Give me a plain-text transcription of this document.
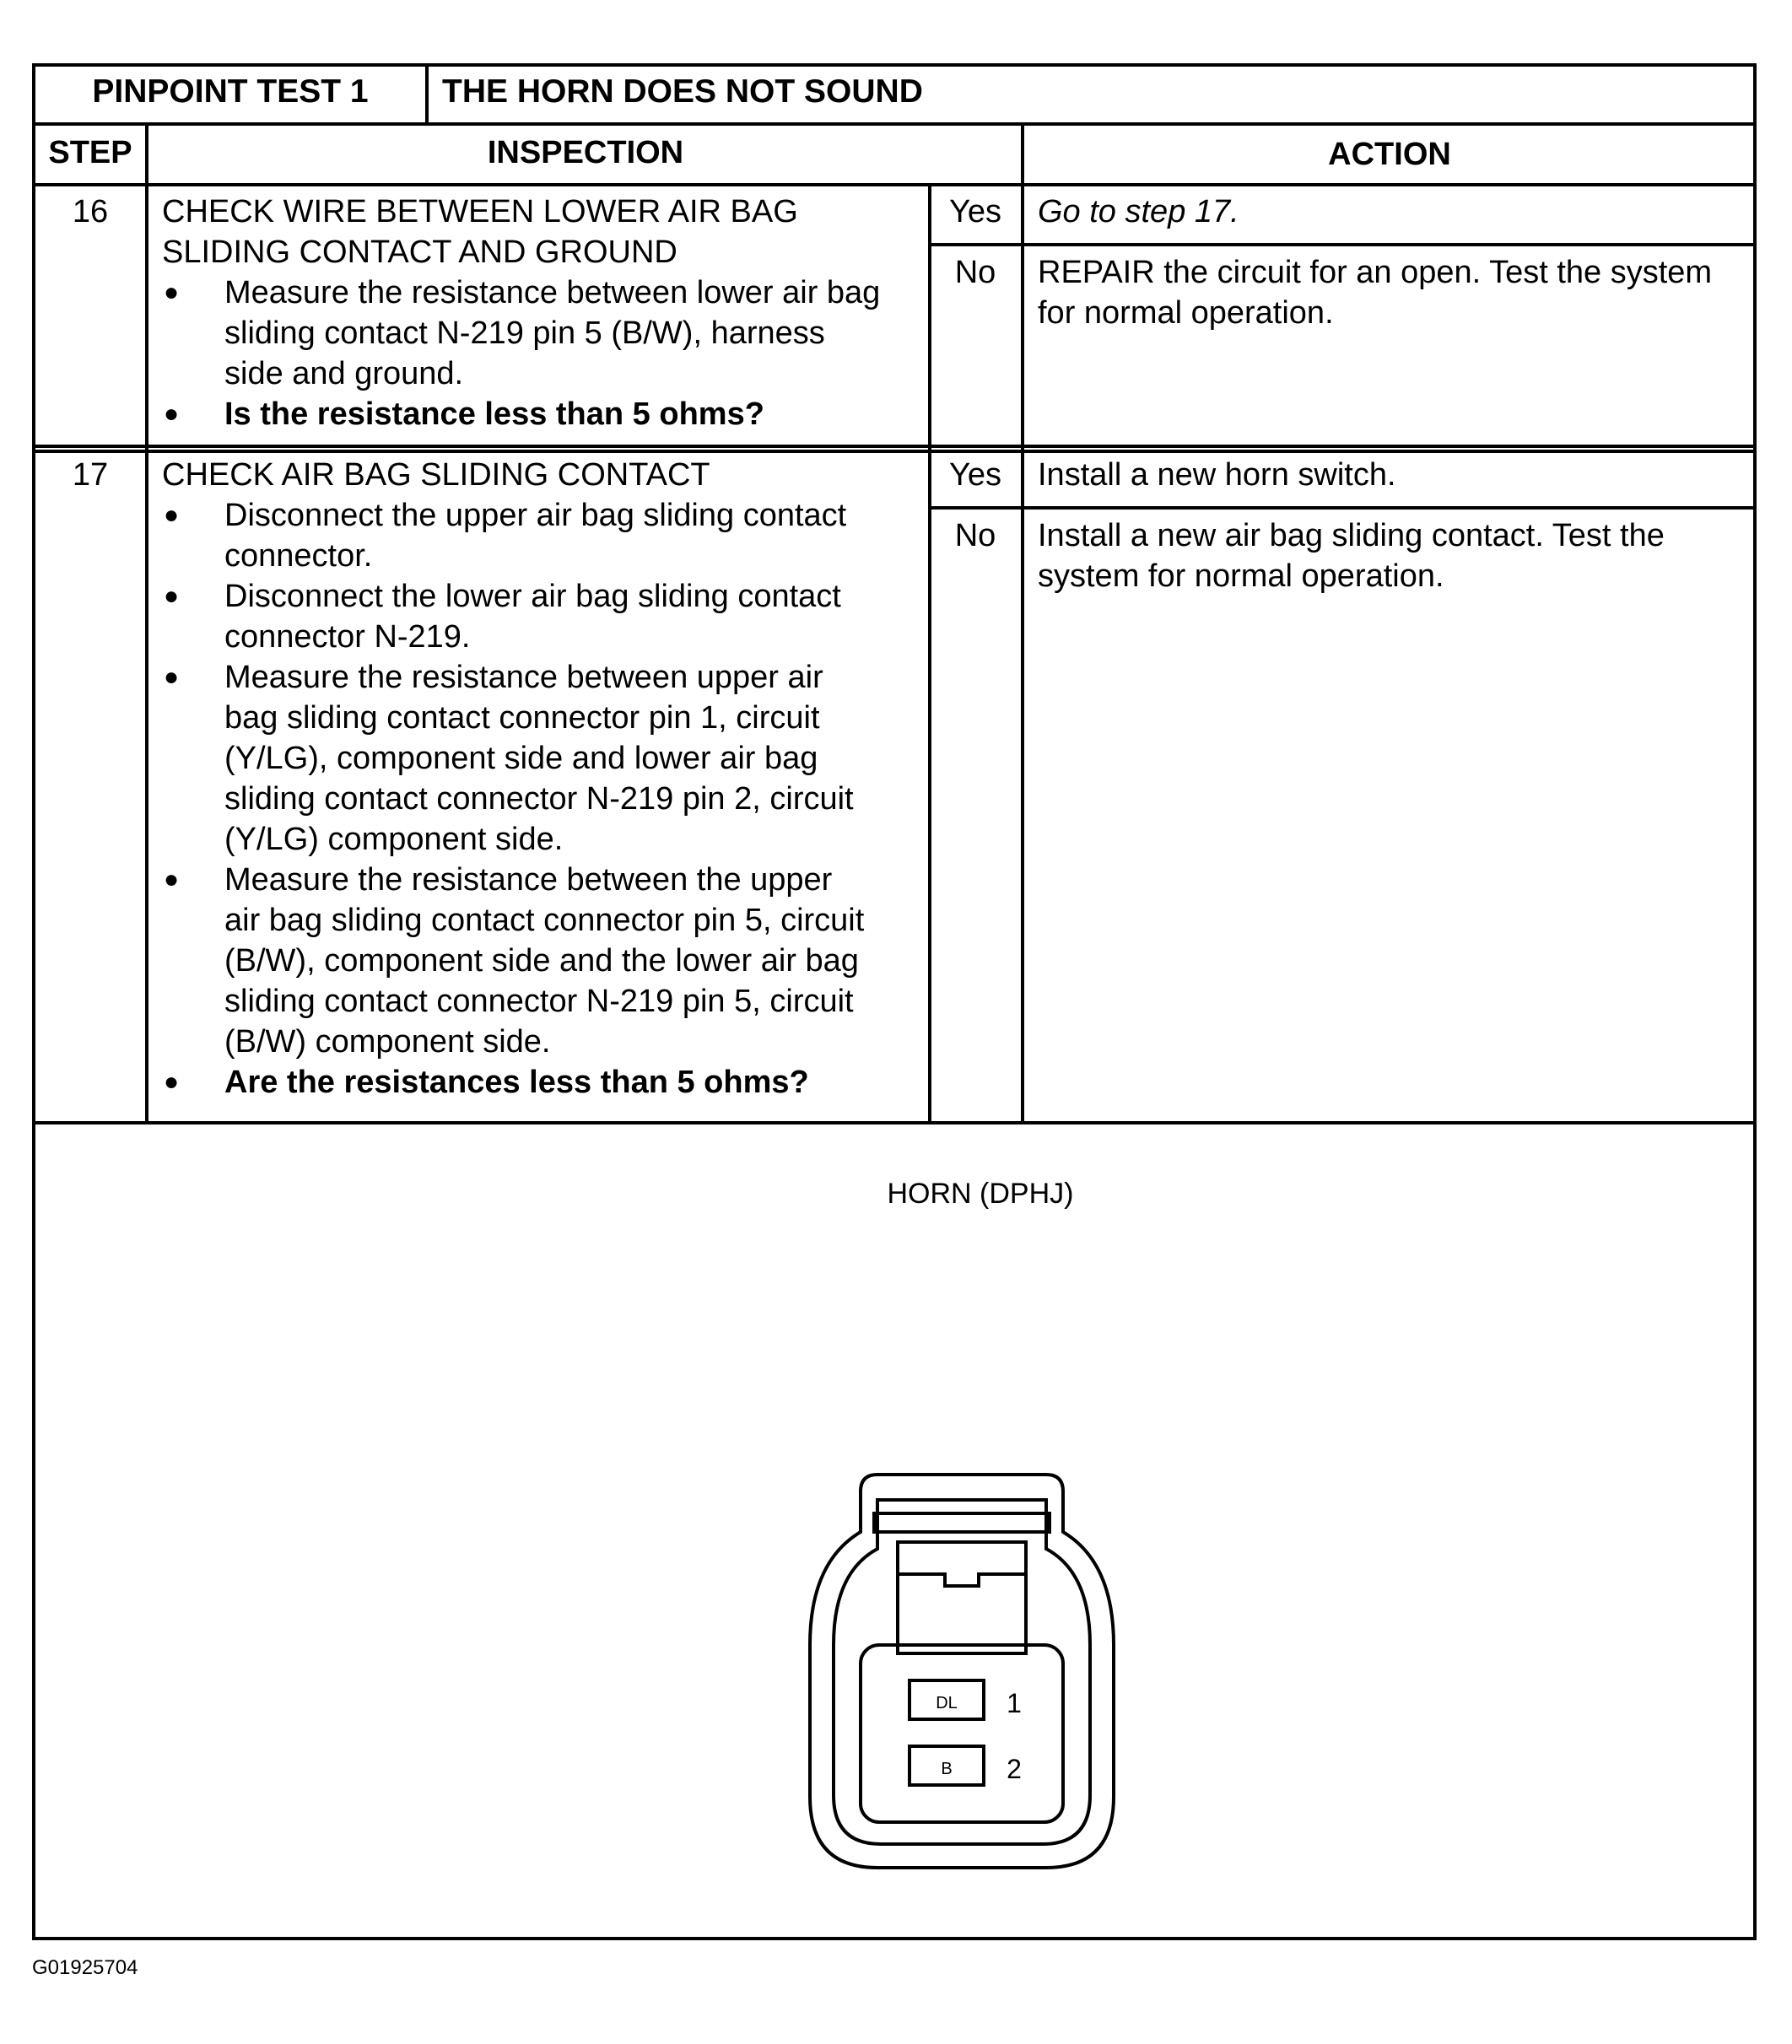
PINPOINT TEST 1	THE HORN DOES NOT SOUND
STEP	INSPECTION	ACTION
16	CHECK WIRE BETWEEN LOWER AIR BAG
SLIDING CONTACT AND GROUND
● Measure the resistance between lower air bag
sliding contact N-219 pin 5 (B/W), harness
side and ground.
● Is the resistance less than 5 ohms?
Yes	Go to step 17.
No	REPAIR the circuit for an open. Test the system
for normal operation.
17	CHECK AIR BAG SLIDING CONTACT
● Disconnect the upper air bag sliding contact
connector.
● Disconnect the lower air bag sliding contact
connector N-219.
● Measure the resistance between upper air
bag sliding contact connector pin 1, circuit
(Y/LG), component side and lower air bag
sliding contact connector N-219 pin 2, circuit
(Y/LG) component side.
● Measure the resistance between the upper
air bag sliding contact connector pin 5, circuit
(B/W), component side and the lower air bag
sliding contact connector N-219 pin 5, circuit
(B/W) component side.
● Are the resistances less than 5 ohms?
Yes	Install a new horn switch.
No	Install a new air bag sliding contact. Test the
system for normal operation.
HORN (DPHJ)
DL
B
1
2
G01925704
